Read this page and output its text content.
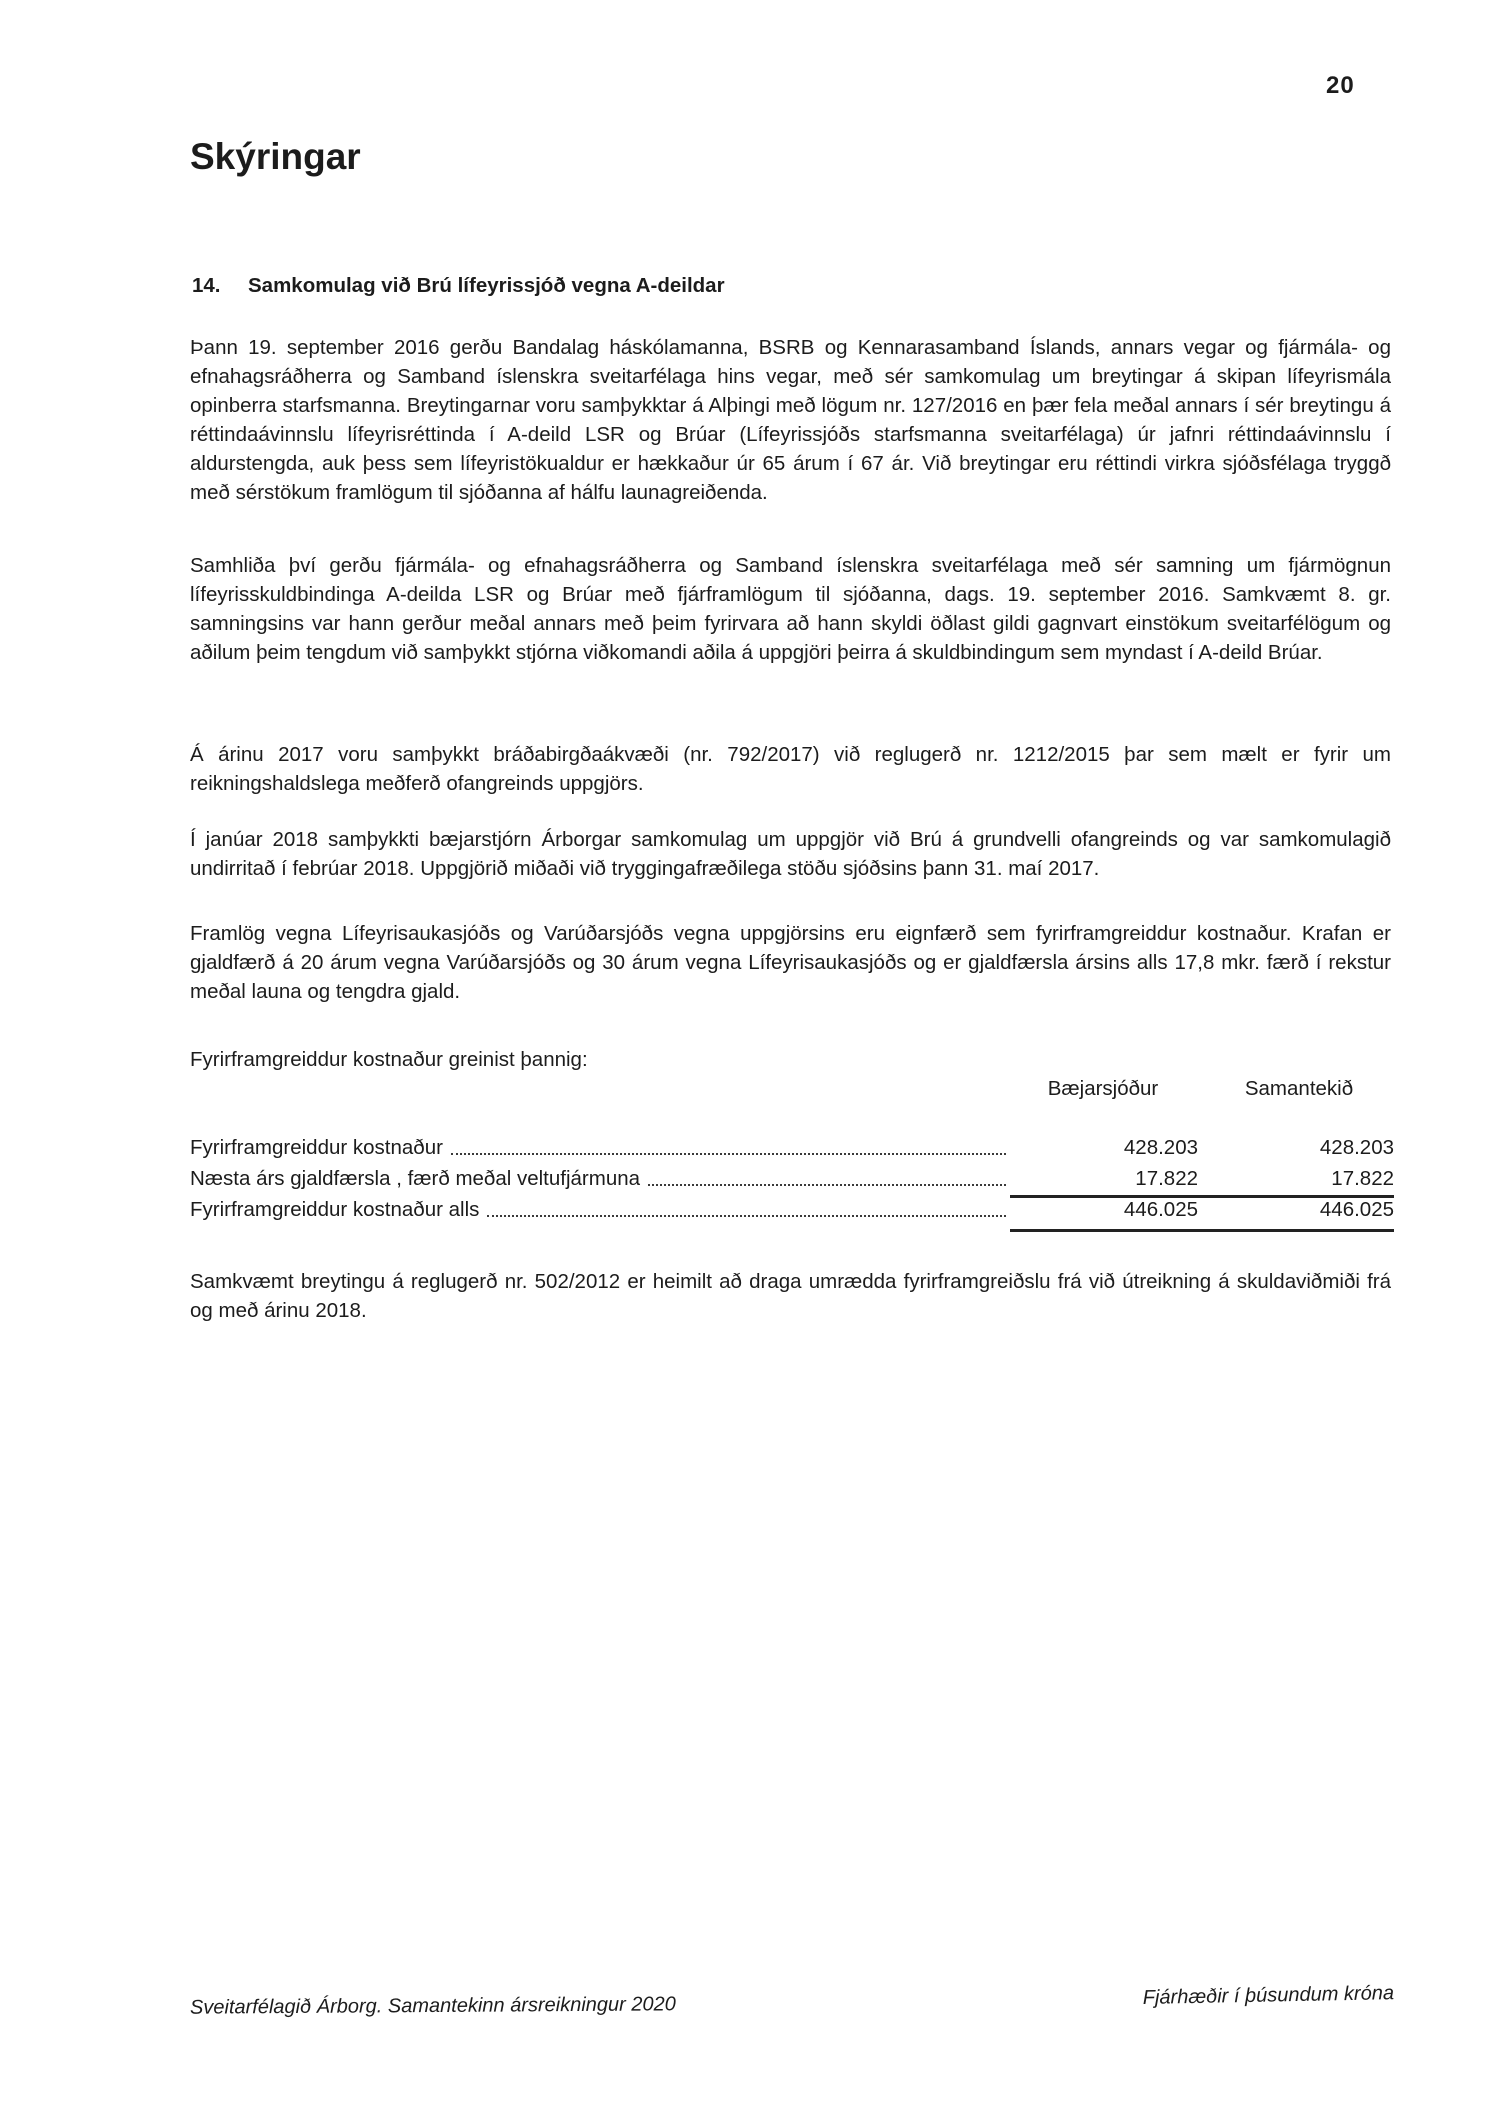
20
Skýringar
14. Samkomulag við Brú lífeyrissjóð vegna A-deildar

Þann 19. september 2016 gerðu Bandalag háskólamanna, BSRB og Kennarasamband Íslands, annars vegar og fjármála- og efnahagsráðherra og Samband íslenskra sveitarfélaga hins vegar, með sér samkomulag um breytingar á skipan lífeyrismála opinberra starfsmanna. Breytingarnar voru samþykktar á Alþingi með lögum nr. 127/2016 en þær fela meðal annars í sér breytingu á réttindaávinnslu lífeyrisréttinda í A-deild LSR og Brúar (Lífeyrissjóðs starfsmanna sveitarfélaga) úr jafnri réttindaávinnslu í aldurstengda, auk þess sem lífeyristökualdur er hækkaður úr 65 árum í 67 ár. Við breytingar eru réttindi virkra sjóðsfélaga tryggð með sérstökum framlögum til sjóðanna af hálfu launagreiðenda.

Samhliða því gerðu fjármála- og efnahagsráðherra og Samband íslenskra sveitarfélaga með sér samning um fjármögnun lífeyrisskuldbindinga A-deilda LSR og Brúar með fjárframlögum til sjóðanna, dags. 19. september 2016. Samkvæmt 8. gr. samningsins var hann gerður meðal annars með þeim fyrirvara að hann skyldi öðlast gildi gagnvart einstökum sveitarfélögum og aðilum þeim tengdum við samþykkt stjórna viðkomandi aðila á uppgjöri þeirra á skuldbindingum sem myndast í A-deild Brúar.

Á árinu 2017 voru samþykkt bráðabirgðaákvæði (nr. 792/2017) við reglugerð nr. 1212/2015 þar sem mælt er fyrir um reikningshaldslega meðferð ofangreinds uppgjörs.

Í janúar 2018 samþykkti bæjarstjórn Árborgar samkomulag um uppgjör við Brú á grundvelli ofangreinds og var samkomulagið undirritað í febrúar 2018. Uppgjörið miðaði við tryggingafræðilega stöðu sjóðsins þann 31. maí 2017.

Framlög vegna Lífeyrisaukasjóðs og Varúðarsjóðs vegna uppgjörsins eru eignfærð sem fyrirframgreiddur kostnaður. Krafan er gjaldfærð á 20 árum vegna Varúðarsjóðs og 30 árum vegna Lífeyrisaukasjóðs og er gjaldfærsla ársins alls 17,8 mkr. færð í rekstur meðal launa og tengdra gjald.

Fyrirframgreiddur kostnaður greinist þannig:
Bæjarsjóður	Samantekið
Fyrirframgreiddur kostnaður	428.203	428.203
Næsta árs gjaldfærsla , færð meðal veltufjármuna	17.822	17.822
Fyrirframgreiddur kostnaður alls	446.025	446.025

Samkvæmt breytingu á reglugerð nr. 502/2012 er heimilt að draga umrædda fyrirframgreiðslu frá við útreikning á skuldaviðmiði frá og með árinu 2018.

Sveitarfélagið Árborg. Samantekinn ársreikningur 2020	Fjárhæðir í þúsundum króna
